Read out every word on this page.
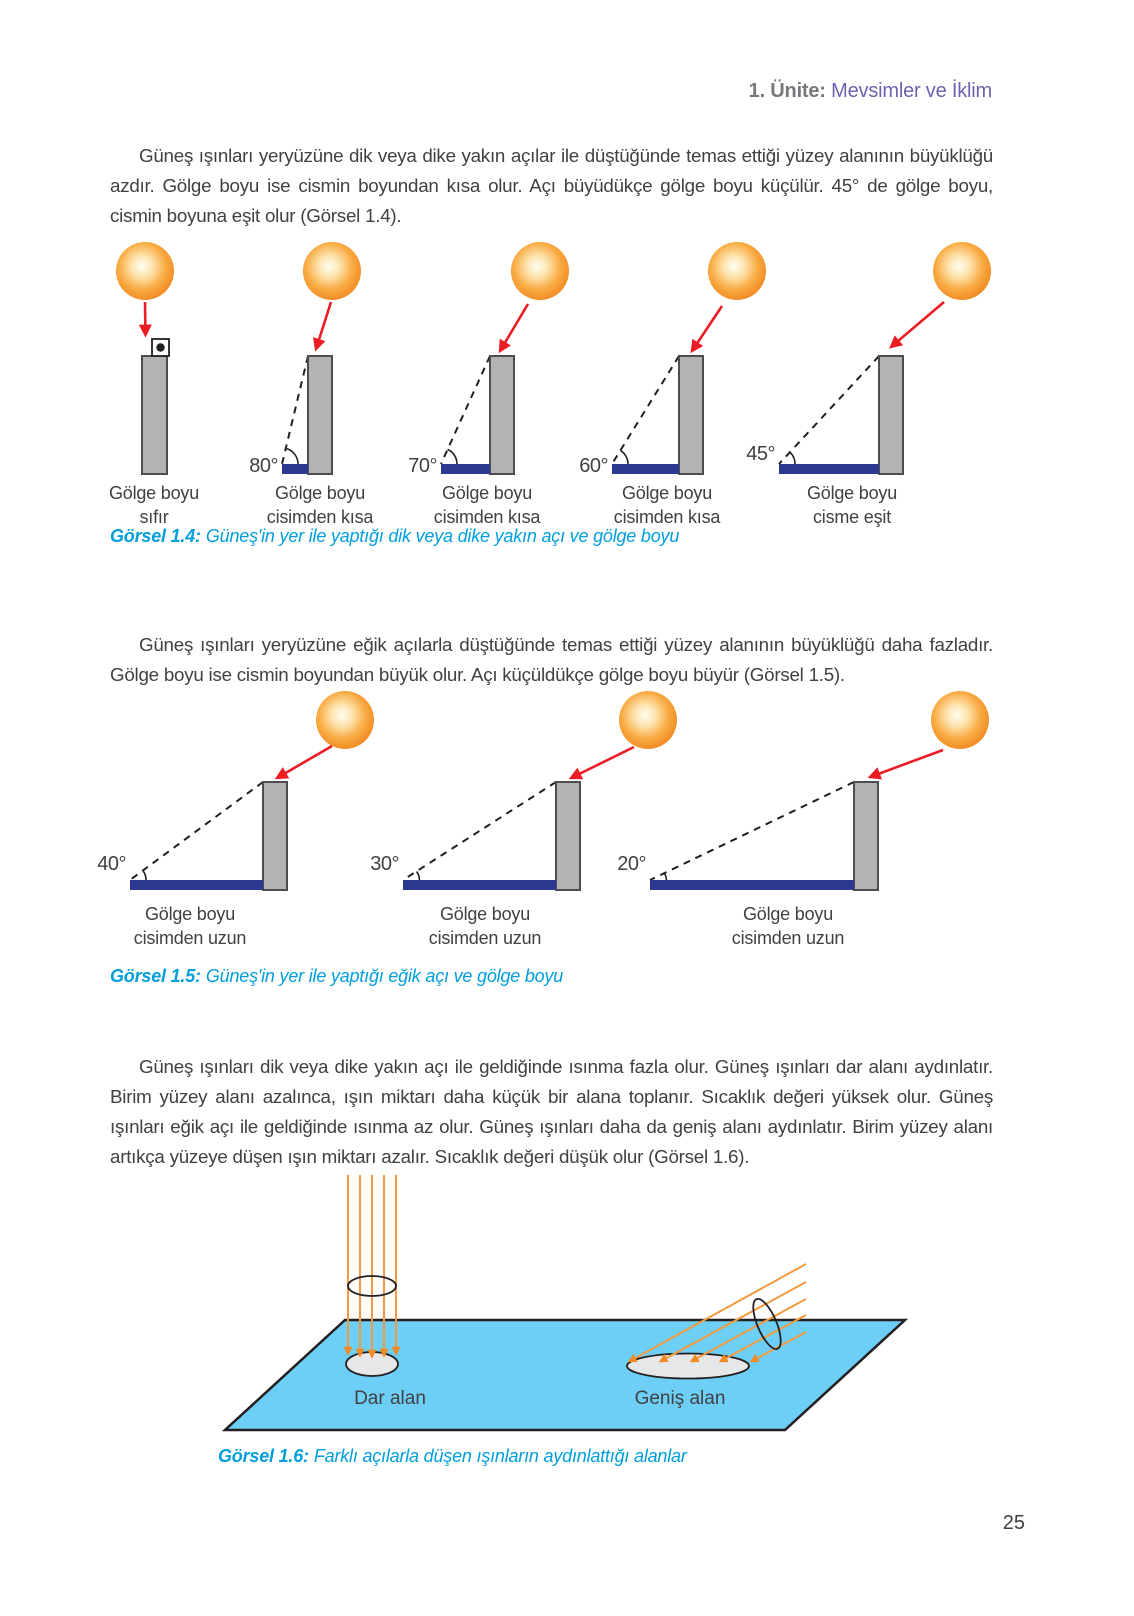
1. Ünite: Mevsimler ve İklim
Güneş ışınları yeryüzüne dik veya dike yakın açılar ile düştüğünde temas ettiği yüzey alanının büyüklüğü azdır. Gölge boyu ise cismin boyundan kısa olur. Açı büyüdükçe gölge boyu küçülür. 45° de gölge boyu, cismin boyuna eşit olur (Görsel 1.4).
80°	70°	60°
45°
Gölge boyu
sıfır
Gölge boyu
cisimden kısa
Gölge boyu
cisimden kısa
Gölge boyu
cisimden kısa
Gölge boyu
cisme eşit
Görsel 1.4: Güneş'in yer ile yaptığı dik veya dike yakın açı ve gölge boyu
Güneş ışınları yeryüzüne eğik açılarla düştüğünde temas ettiği yüzey alanının büyüklüğü daha fazladır. Gölge boyu ise cismin boyundan büyük olur. Açı küçüldükçe gölge boyu büyür (Görsel 1.5).
40°	30°	20°
Gölge boyu
cisimden uzun
Gölge boyu
cisimden uzun
Gölge boyu
cisimden uzun
Görsel 1.5: Güneş'in yer ile yaptığı eğik açı ve gölge boyu
Güneş ışınları dik veya dike yakın açı ile geldiğinde ısınma fazla olur. Güneş ışınları dar alanı aydınlatır. Birim yüzey alanı azalınca, ışın miktarı daha küçük bir alana toplanır. Sıcaklık değeri yüksek olur. Güneş ışınları eğik açı ile geldiğinde ısınma az olur. Güneş ışınları daha da geniş alanı aydınlatır. Birim yüzey alanı artıkça yüzeye düşen ışın miktarı azalır. Sıcaklık değeri düşük olur (Görsel 1.6).
Dar alan	Geniş alan
Görsel 1.6: Farklı açılarla düşen ışınların aydınlattığı alanlar
25
